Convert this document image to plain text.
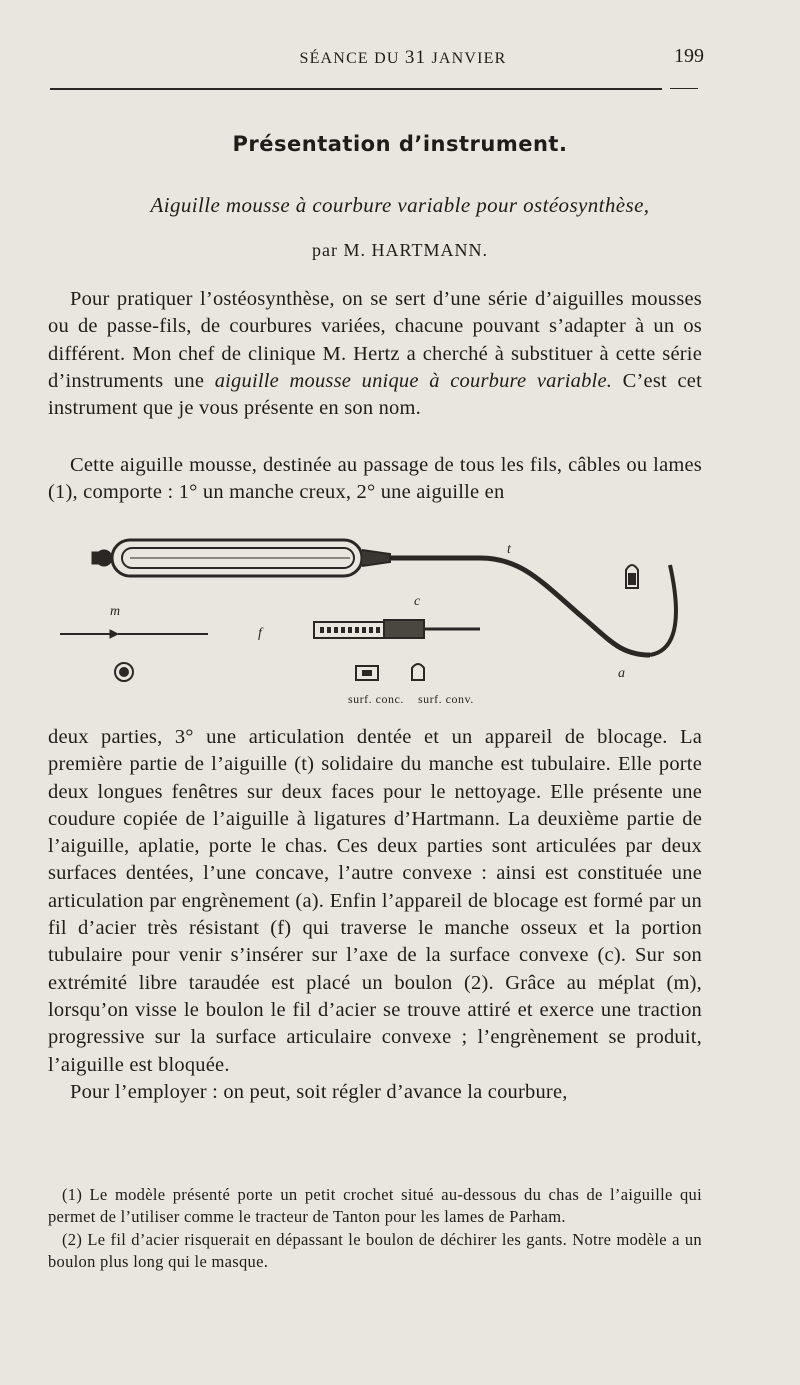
SÉANCE DU 31 JANVIER	199
Présentation d’instrument.
Aiguille mousse à courbure variable pour ostéosynthèse,
par M. HARTMANN.

Pour pratiquer l’ostéosynthèse, on se sert d’une série d’aiguilles mousses ou de passe-fils, de courbures variées, chacune pouvant s’adapter à un os différent. Mon chef de clinique M. Hertz a cherché à substituer à cette série d’instruments une aiguille mousse unique à courbure variable. C’est cet instrument que je vous présente en son nom.

Cette aiguille mousse, destinée au passage de tous les fils, câbles ou lames (1), comporte : 1° un manche creux, 2° une aiguille en

t
c
m
f
a
surf. conc. surf. conv.

deux parties, 3° une articulation dentée et un appareil de blocage. La première partie de l’aiguille (t) solidaire du manche est tubulaire. Elle porte deux longues fenêtres sur deux faces pour le nettoyage. Elle présente une coudure copiée de l’aiguille à ligatures d’Hartmann. La deuxième partie de l’aiguille, aplatie, porte le chas. Ces deux parties sont articulées par deux surfaces dentées, l’une concave, l’autre convexe : ainsi est constituée une articulation par engrènement (a). Enfin l’appareil de blocage est formé par un fil d’acier très résistant (f) qui traverse le manche osseux et la portion tubulaire pour venir s’insérer sur l’axe de la surface convexe (c). Sur son extrémité libre taraudée est placé un boulon (2). Grâce au méplat (m), lorsqu’on visse le boulon le fil d’acier se trouve attiré et exerce une traction progressive sur la surface articulaire convexe ; l’engrènement se produit, l’aiguille est bloquée.

Pour l’employer : on peut, soit régler d’avance la courbure,

(1) Le modèle présenté porte un petit crochet situé au-dessous du chas de l’aiguille qui permet de l’utiliser comme le tracteur de Tanton pour les lames de Parham.

(2) Le fil d’acier risquerait en dépassant le boulon de déchirer les gants. Notre modèle a un boulon plus long qui le masque.
